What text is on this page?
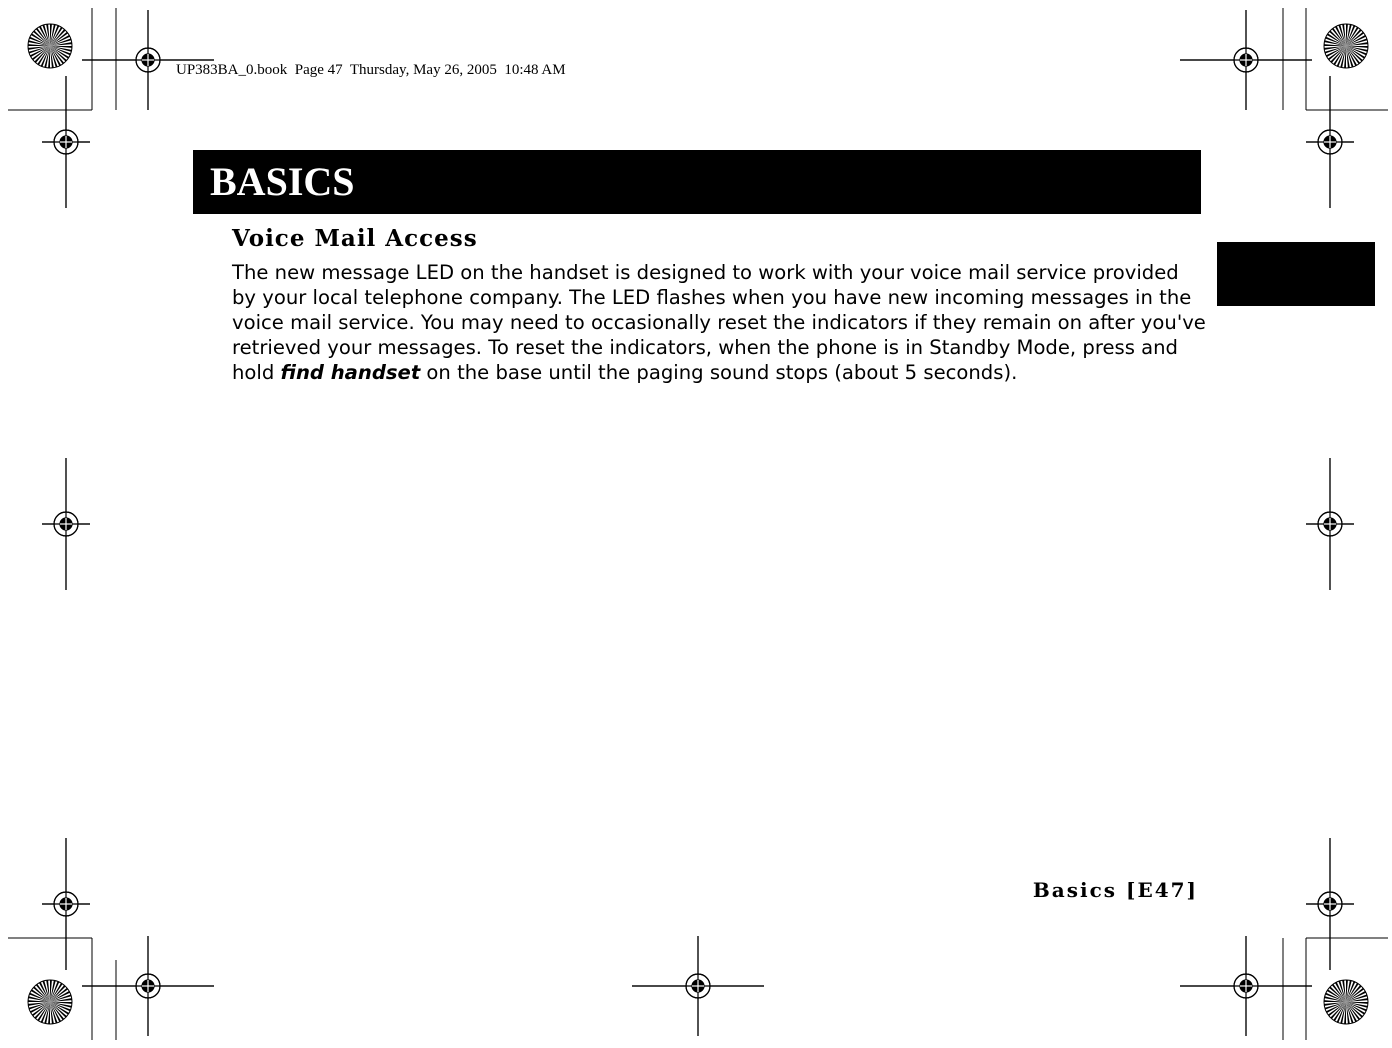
UP383BA_0.book  Page 47  Thursday, May 26, 2005  10:48 AM
BASICS
Voice Mail Access

The new message LED on the handset is designed to work with your voice mail service provided by your local telephone company. The LED flashes when you have new incoming messages in the voice mail service. You may need to occasionally reset the indicators if they remain on after you've retrieved your messages. To reset the indicators, when the phone is in Standby Mode, press and hold find handset on the base until the paging sound stops (about 5 seconds).

Basics [E47]
